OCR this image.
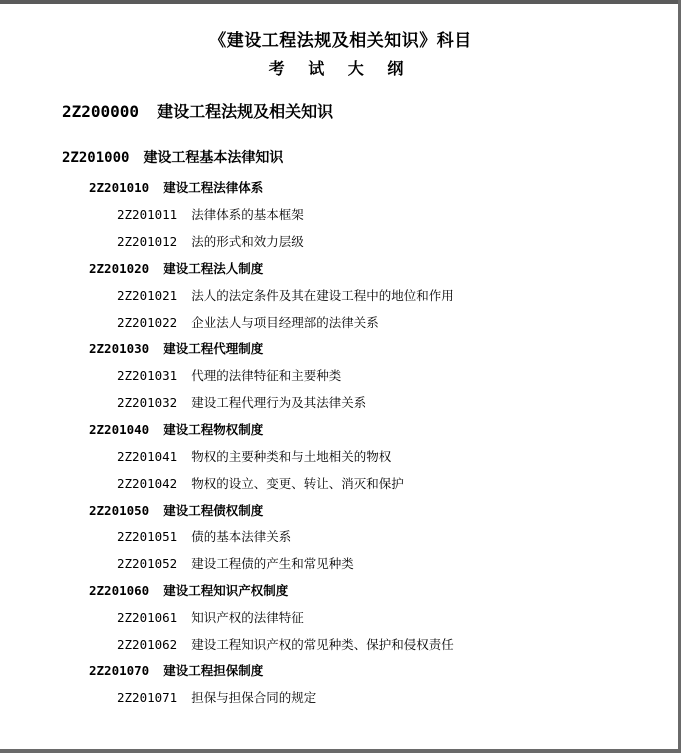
《建设工程法规及相关知识》科目
考 试 大 纲
2Z200000 建设工程法规及相关知识
2Z201000 建设工程基本法律知识
2Z201010 建设工程法律体系
2Z201011 法律体系的基本框架
2Z201012 法的形式和效力层级
2Z201020 建设工程法人制度
2Z201021 法人的法定条件及其在建设工程中的地位和作用
2Z201022 企业法人与项目经理部的法律关系
2Z201030 建设工程代理制度
2Z201031 代理的法律特征和主要种类
2Z201032 建设工程代理行为及其法律关系
2Z201040 建设工程物权制度
2Z201041 物权的主要种类和与土地相关的物权
2Z201042 物权的设立、变更、转让、消灭和保护
2Z201050 建设工程债权制度
2Z201051 债的基本法律关系
2Z201052 建设工程债的产生和常见种类
2Z201060 建设工程知识产权制度
2Z201061 知识产权的法律特征
2Z201062 建设工程知识产权的常见种类、保护和侵权责任
2Z201070 建设工程担保制度
2Z201071 担保与担保合同的规定
